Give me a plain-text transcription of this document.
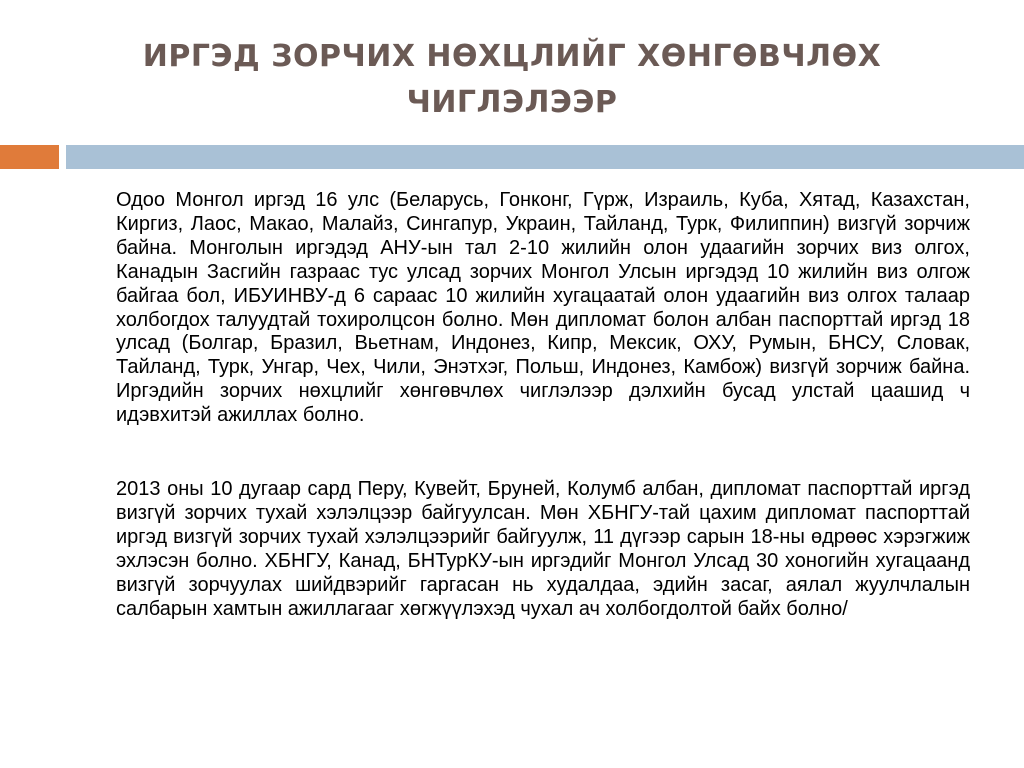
ИРГЭД ЗОРЧИХ НӨХЦЛИЙГ ХӨНГӨВЧЛӨХ
ЧИГЛЭЛЭЭР

Одоо Монгол иргэд 16 улс (Беларусь, Гонконг, Гүрж, Израиль, Куба, Хятад, Казахстан, Киргиз, Лаос, Макао, Малайз, Сингапур, Украин, Тайланд, Турк, Филиппин) визгүй зорчиж байна. Монголын иргэдэд АНУ-ын тал 2-10 жилийн олон удаагийн зорчих виз олгох, Канадын Засгийн газраас тус улсад зорчих Монгол Улсын иргэдэд 10 жилийн виз олгож байгаа бол, ИБУИНВУ-д 6 сараас 10 жилийн хугацаатай олон удаагийн виз олгох талаар холбогдох талуудтай тохиролцсон болно. Мөн дипломат болон албан паспорттай иргэд 18 улсад (Болгар, Бразил, Вьетнам, Индонез, Кипр, Мексик, ОХУ, Румын, БНСУ, Словак, Тайланд, Турк, Унгар, Чех, Чили, Энэтхэг, Польш, Индонез, Камбож) визгүй зорчиж байна. Иргэдийн зорчих нөхцлийг хөнгөвчлөх чиглэлээр дэлхийн бусад улстай цаашид ч идэвхитэй ажиллах болно.

2013 оны 10 дугаар сард Перу, Кувейт, Бруней, Колумб албан, дипломат паспорттай иргэд визгүй зорчих тухай хэлэлцээр байгуулсан. Мөн ХБНГУ-тай цахим дипломат паспорттай иргэд визгүй зорчих тухай хэлэлцээрийг байгуулж, 11 дүгээр сарын 18-ны өдрөөс хэрэгжиж эхлэсэн болно. ХБНГУ, Канад, БНТурКУ-ын иргэдийг Монгол Улсад 30 хоногийн хугацаанд визгүй зорчуулах шийдвэрийг гаргасан нь худалдаа, эдийн засаг, аялал жуулчлалын салбарын хамтын ажиллагааг хөгжүүлэхэд чухал ач холбогдолтой байх болно/
